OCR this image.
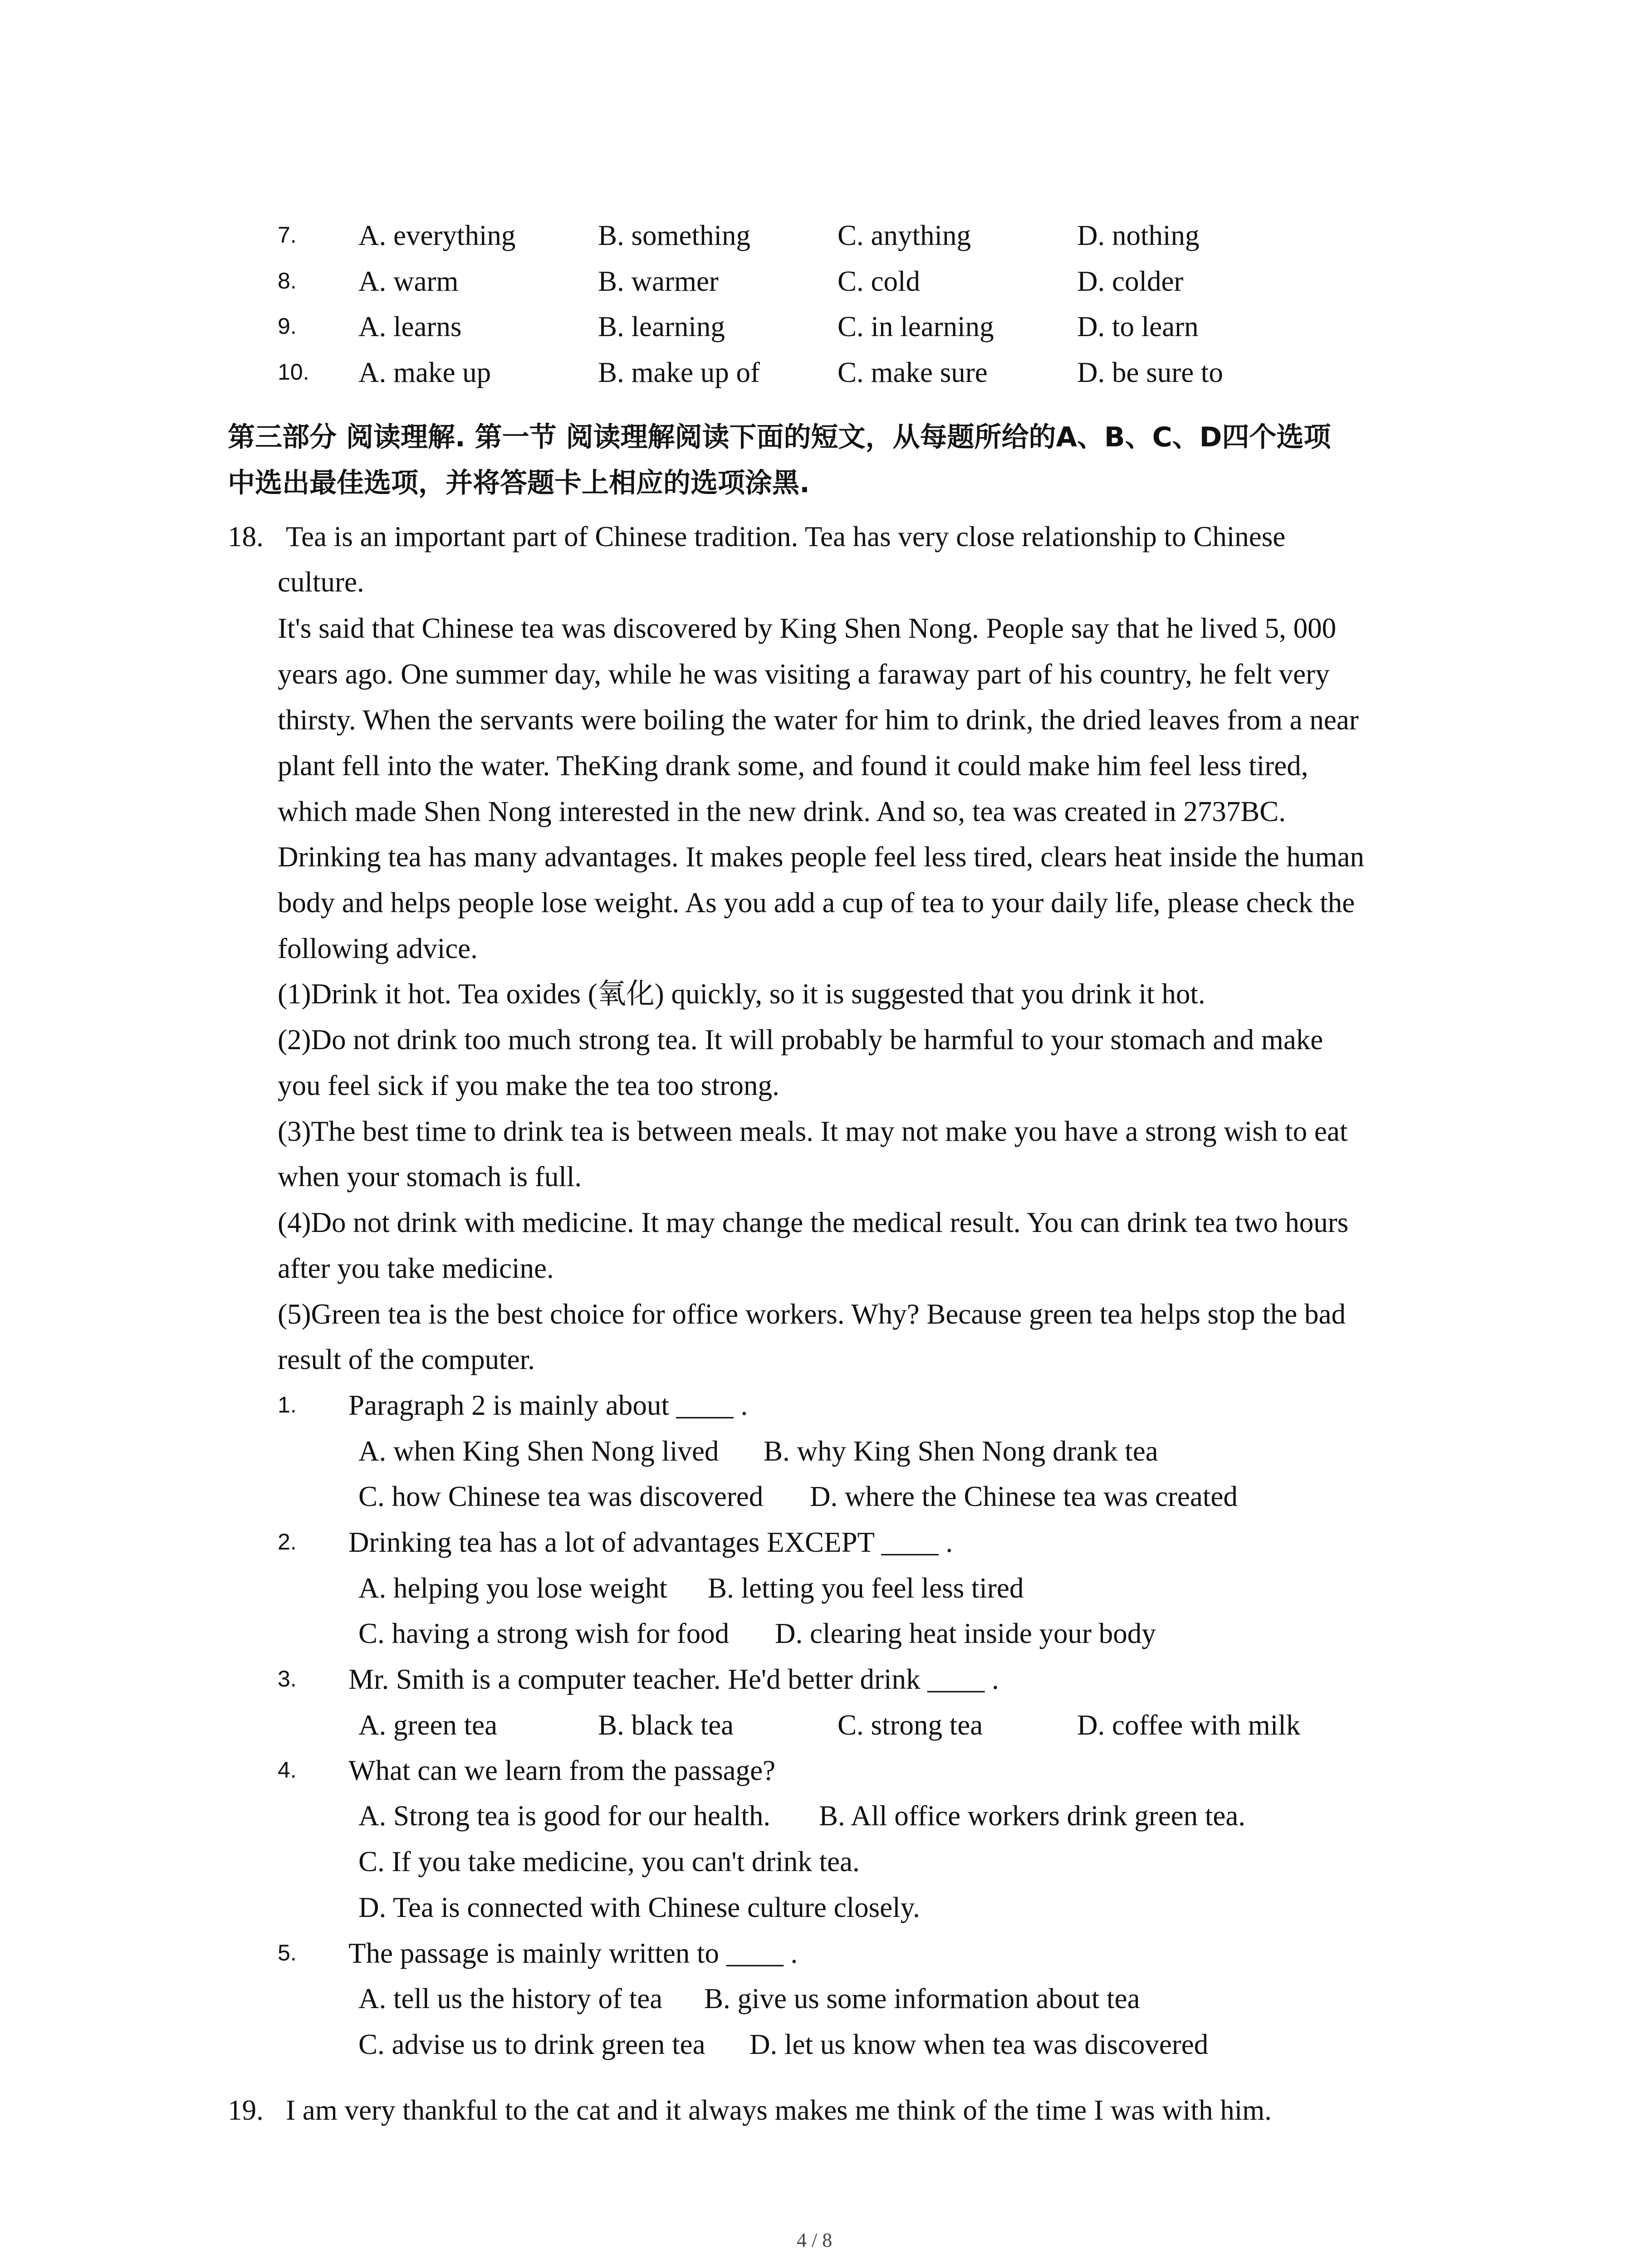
7. A. everything	B. something	C. anything	D. nothing
8. A. warm	B. warmer	C. cold	D. colder
9. A. learns	B. learning	C. in learning	D. to learn
10. A. make up	B. make up of	C. make sure	D. be sure to
第三部分 阅读理解. 第一节 阅读理解阅读下面的短文，从每题所给的A、B、C、D四个选项
中选出最佳选项，并将答题卡上相应的选项涂黑.
18. Tea is an important part of Chinese tradition. Tea has very close relationship to Chinese
culture.
It's said that Chinese tea was discovered by King Shen Nong. People say that he lived 5, 000
years ago. One summer day, while he was visiting a faraway part of his country, he felt very
thirsty. When the servants were boiling the water for him to drink, the dried leaves from a near
plant fell into the water. TheKing drank some, and found it could make him feel less tired,
which made Shen Nong interested in the new drink. And so, tea was created in 2737BC.
Drinking tea has many advantages. It makes people feel less tired, clears heat inside the human
body and helps people lose weight. As you add a cup of tea to your daily life, please check the
following advice.
(1)Drink it hot. Tea oxides (氧化) quickly, so it is suggested that you drink it hot.
(2)Do not drink too much strong tea. It will probably be harmful to your stomach and make
you feel sick if you make the tea too strong.
(3)The best time to drink tea is between meals. It may not make you have a strong wish to eat
when your stomach is full.
(4)Do not drink with medicine. It may change the medical result. You can drink tea two hours
after you take medicine.
(5)Green tea is the best choice for office workers. Why? Because green tea helps stop the bad
result of the computer.
1. Paragraph 2 is mainly about ____ .
A. when King Shen Nong lived B. why King Shen Nong drank tea
C. how Chinese tea was discovered D. where the Chinese tea was created
2. Drinking tea has a lot of advantages EXCEPT ____ .
A. helping you lose weight B. letting you feel less tired
C. having a strong wish for food D. clearing heat inside your body
3. Mr. Smith is a computer teacher. He'd better drink ____ .
A. green tea	B. black tea	C. strong tea	D. coffee with milk
4. What can we learn from the passage?
A. Strong tea is good for our health. B. All office workers drink green tea.
C. If you take medicine, you can't drink tea.
D. Tea is connected with Chinese culture closely.
5. The passage is mainly written to ____ .
A. tell us the history of tea B. give us some information about tea
C. advise us to drink green tea D. let us know when tea was discovered
19. I am very thankful to the cat and it always makes me think of the time I was with him.
4 / 8
